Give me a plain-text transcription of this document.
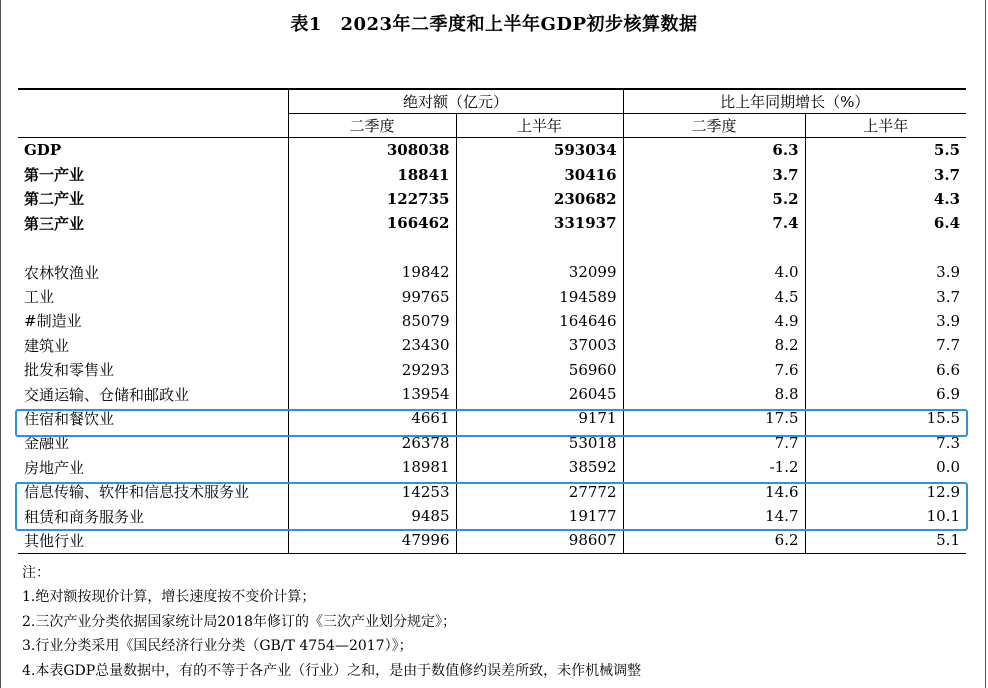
表1　2023年二季度和上半年GDP初步核算数据
	绝对额（亿元）		比上年同期增长（%）	
	二季度	上半年	二季度	上半年
GDP	308038	593034	6.3	5.5
第一产业	18841	30416	3.7	3.7
第二产业	122735	230682	5.2	4.3
第三产业	166462	331937	7.4	6.4

农林牧渔业	19842	32099	4.0	3.9
工业	99765	194589	4.5	3.7
#制造业	85079	164646	4.9	3.9
建筑业	23430	37003	8.2	7.7
批发和零售业	29293	56960	7.6	6.6
交通运输、仓储和邮政业	13954	26045	8.8	6.9
住宿和餐饮业	4661	9171	17.5	15.5
金融业	26378	53018	7.7	7.3
房地产业	18981	38592	-1.2	0.0
信息传输、软件和信息技术服务业	14253	27772	14.6	12.9
租赁和商务服务业	9485	19177	14.7	10.1
其他行业	47996	98607	6.2	5.1
注：
1.绝对额按现价计算，增长速度按不变价计算；
2.三次产业分类依据国家统计局2018年修订的《三次产业划分规定》；
3.行业分类采用《国民经济行业分类（GB/T 4754—2017）》；
4.本表GDP总量数据中，有的不等于各产业（行业）之和，是由于数值修约误差所致，未作机械调整
